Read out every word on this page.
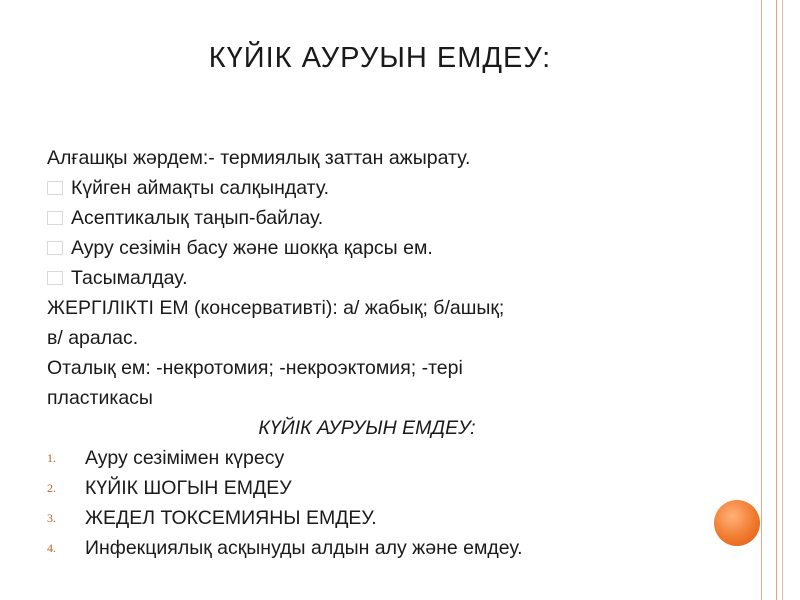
КҮЙІК АУРУЫН ЕМДЕУ:
Алғашқы жәрдем:- термиялық заттан ажырату.
Күйген аймақты салқындату.
Асептикалық таңып-байлау.
Ауру сезімін басу және шокқа қарсы ем.
Тасымалдау.
ЖЕРГІЛІКТІ ЕМ (консервативті): а/ жабық; б/ашық;
в/ аралас.
Оталық ем: -некротомия; -некроэктомия; -тері
пластикасы
КҮЙІК АУРУЫН ЕМДЕУ:
1. Ауру сезімімен күресу
2. КҮЙІК ШОГЫН ЕМДЕУ
3. ЖЕДЕЛ ТОКСЕМИЯНЫ ЕМДЕУ.
4. Инфекциялық асқынуды алдын алу және емдеу.
